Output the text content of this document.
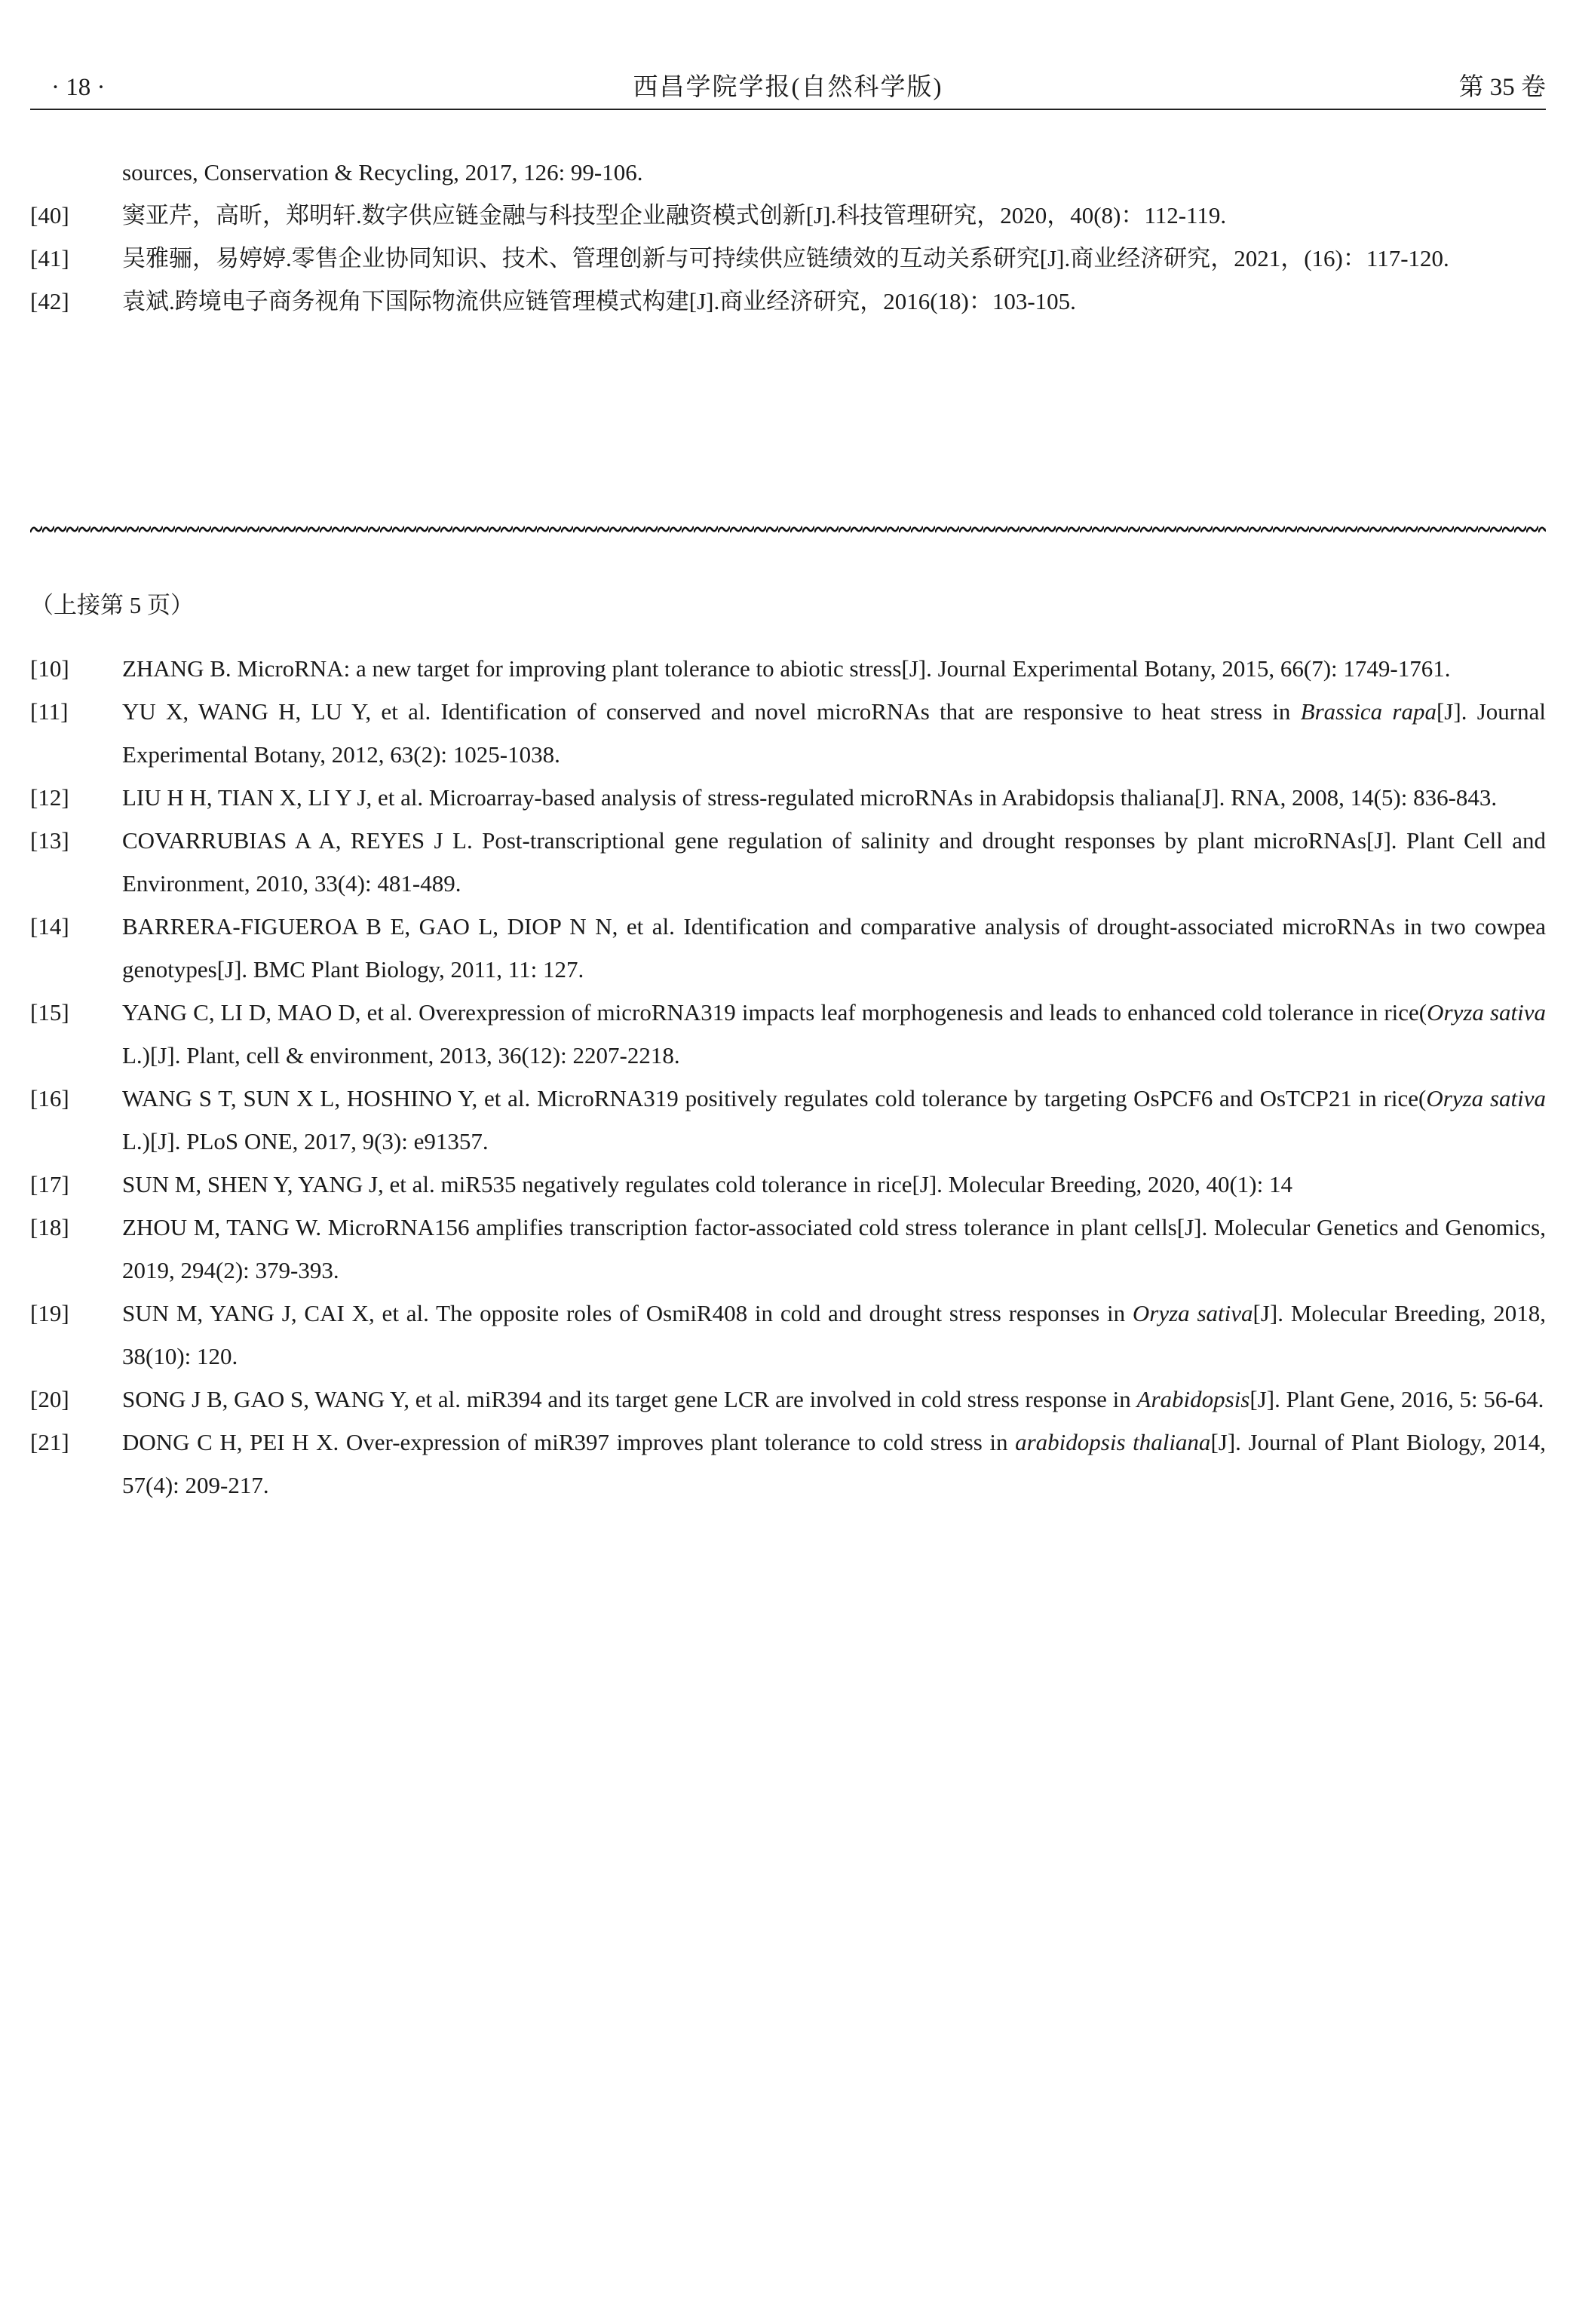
· 18 ·	西昌学院学报(自然科学版)	第 35 卷
sources, Conservation & Recycling, 2017, 126: 99-106.
[40] 窦亚芹，高昕，郑明轩.数字供应链金融与科技型企业融资模式创新[J].科技管理研究，2020，40(8)：112-119.
[41] 吴雅骊，易婷婷.零售企业协同知识、技术、管理创新与可持续供应链绩效的互动关系研究[J].商业经济研究，2021，(16)：117-120.
[42] 袁斌.跨境电子商务视角下国际物流供应链管理模式构建[J].商业经济研究，2016(18)：103-105.
（上接第 5 页）
[10] ZHANG B. MicroRNA: a new target for improving plant tolerance to abiotic stress[J]. Journal Experimental Botany, 2015, 66(7): 1749-1761.
[11] YU X, WANG H, LU Y, et al. Identification of conserved and novel microRNAs that are responsive to heat stress in Brassica rapa[J]. Journal Experimental Botany, 2012, 63(2): 1025-1038.
[12] LIU H H, TIAN X, LI Y J, et al. Microarray-based analysis of stress-regulated microRNAs in Arabidopsis thaliana[J]. RNA, 2008, 14(5): 836-843.
[13] COVARRUBIAS A A, REYES J L. Post-transcriptional gene regulation of salinity and drought responses by plant microRNAs[J]. Plant Cell and Environment, 2010, 33(4): 481-489.
[14] BARRERA-FIGUEROA B E, GAO L, DIOP N N, et al. Identification and comparative analysis of drought-associated microRNAs in two cowpea genotypes[J]. BMC Plant Biology, 2011, 11: 127.
[15] YANG C, LI D, MAO D, et al. Overexpression of microRNA319 impacts leaf morphogenesis and leads to enhanced cold tolerance in rice(Oryza sativa L.)[J]. Plant, cell & environment, 2013, 36(12): 2207-2218.
[16] WANG S T, SUN X L, HOSHINO Y, et al. MicroRNA319 positively regulates cold tolerance by targeting OsPCF6 and OsTCP21 in rice(Oryza sativa L.)[J]. PLoS ONE, 2017, 9(3): e91357.
[17] SUN M, SHEN Y, YANG J, et al. miR535 negatively regulates cold tolerance in rice[J]. Molecular Breeding, 2020, 40(1): 14
[18] ZHOU M, TANG W. MicroRNA156 amplifies transcription factor-associated cold stress tolerance in plant cells[J]. Molecular Genetics and Genomics, 2019, 294(2): 379-393.
[19] SUN M, YANG J, CAI X, et al. The opposite roles of OsmiR408 in cold and drought stress responses in Oryza sativa[J]. Molecular Breeding, 2018, 38(10): 120.
[20] SONG J B, GAO S, WANG Y, et al. miR394 and its target gene LCR are involved in cold stress response in Arabidopsis[J]. Plant Gene, 2016, 5: 56-64.
[21] DONG C H, PEI H X. Over-expression of miR397 improves plant tolerance to cold stress in arabidopsis thaliana[J]. Journal of Plant Biology, 2014, 57(4): 209-217.
